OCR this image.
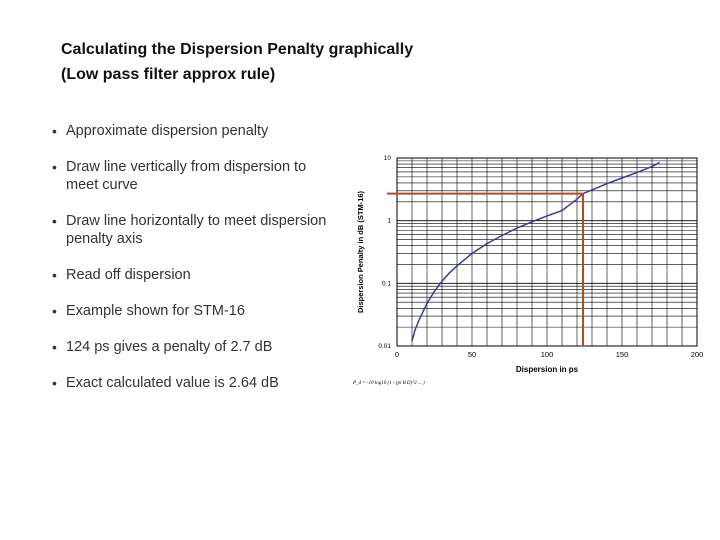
Calculating the Dispersion Penalty graphically
(Low pass filter approx rule)
• Approximate dispersion penalty
• Draw line vertically from dispersion to meet curve
• Draw line horizontally to meet dispersion penalty axis
• Read off dispersion
• Example shown for STM-16
• 124 ps gives a penalty of 2.7 dB
• Exact calculated value is 2.64 dB
0	50	100	150	200
0.01
0.1
1
10
Dispersion in ps
Dispersion Penalty in dB (STM-16)
P_d = -10 log10 (1 - (pi B D)^2 ... )
